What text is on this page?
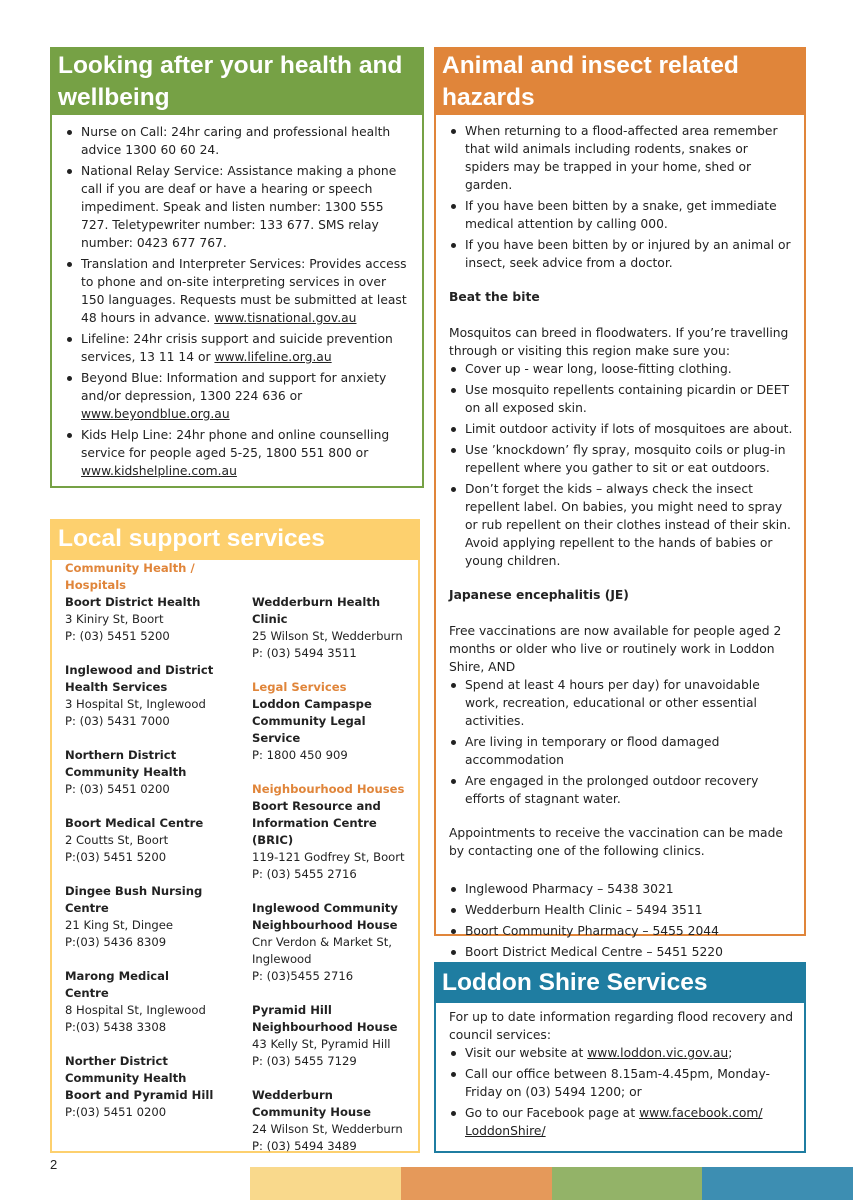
Looking after your health and wellbeing
Nurse on Call: 24hr caring and professional health advice 1300 60 60 24.
National Relay Service: Assistance making a phone call if you are deaf or have a hearing or speech impediment. Speak and listen number: 1300 555 727. Teletypewriter number: 133 677. SMS relay number: 0423 677 767.
Translation and Interpreter Services: Provides access to phone and on-site interpreting services in over 150 languages. Requests must be submitted at least 48 hours in advance. www.tisnational.gov.au
Lifeline: 24hr crisis support and suicide prevention services, 13 11 14 or www.lifeline.org.au
Beyond Blue: Information and support for anxiety and/or depression, 1300 224 636 or www.beyondblue.org.au
Kids Help Line: 24hr phone and online counselling service for people aged 5-25, 1800 551 800 or www.kidshelpline.com.au
Local support services
Community Health / Hospitals
Boort District Health
3 Kiniry St, Boort
P: (03) 5451 5200
Inglewood and District Health Services
3 Hospital St, Inglewood
P: (03) 5431 7000
Northern District Community Health
P: (03) 5451 0200
Boort Medical Centre
2 Coutts St, Boort
P:(03) 5451 5200
Dingee Bush Nursing Centre
21 King St, Dingee
P:(03) 5436 8309
Marong Medical Centre
8 Hospital St, Inglewood
P:(03) 5438 3308
Norther District Community Health Boort and Pyramid Hill
P:(03) 5451 0200
Wedderburn Health Clinic
25 Wilson St, Wedderburn
P: (03) 5494 3511
Legal Services
Loddon Campaspe Community Legal Service
P: 1800 450 909
Neighbourhood Houses
Boort Resource and Information Centre (BRIC)
119-121 Godfrey St, Boort
P: (03) 5455 2716
Inglewood Community Neighbourhood House
Cnr Verdon & Market St, Inglewood
P: (03)5455 2716
Pyramid Hill Neighbourhood House
43 Kelly St, Pyramid Hill
P: (03) 5455 7129
Wedderburn Community House
24 Wilson St, Wedderburn
P: (03) 5494 3489
Animal and insect related hazards
When returning to a flood-affected area remember that wild animals including rodents, snakes or spiders may be trapped in your home, shed or garden.
If you have been bitten by a snake, get immediate medical attention by calling 000.
If you have been bitten by or injured by an animal or insect, seek advice from a doctor.
Beat the bite
Mosquitos can breed in floodwaters. If you’re travelling through or visiting this region make sure you:
Cover up - wear long, loose-fitting clothing.
Use mosquito repellents containing picardin or DEET on all exposed skin.
Limit outdoor activity if lots of mosquitoes are about.
Use ’knockdown’ fly spray, mosquito coils or plug-in repellent where you gather to sit or eat outdoors.
Don’t forget the kids – always check the insect repellent label. On babies, you might need to spray or rub repellent on their clothes instead of their skin. Avoid applying repellent to the hands of babies or young children.
Japanese encephalitis (JE)
Free vaccinations are now available for people aged 2 months or older who live or routinely work in Loddon Shire, AND
Spend at least 4 hours per day) for unavoidable work, recreation, educational or other essential activities.
Are living in temporary or flood damaged accommodation
Are engaged in the prolonged outdoor recovery efforts of stagnant water.
Appointments to receive the vaccination can be made by contacting one of the following clinics.
Inglewood Pharmacy – 5438 3021
Wedderburn Health Clinic – 5494 3511
Boort Community Pharmacy – 5455 2044
Boort District Medical Centre – 5451 5220
Loddon Shire Services
For up to date information regarding flood recovery and council services:
Visit our website at www.loddon.vic.gov.au;
Call our office between 8.15am-4.45pm, Monday-Friday on (03) 5494 1200; or
Go to our Facebook page at www.facebook.com/ LoddonShire/
2
